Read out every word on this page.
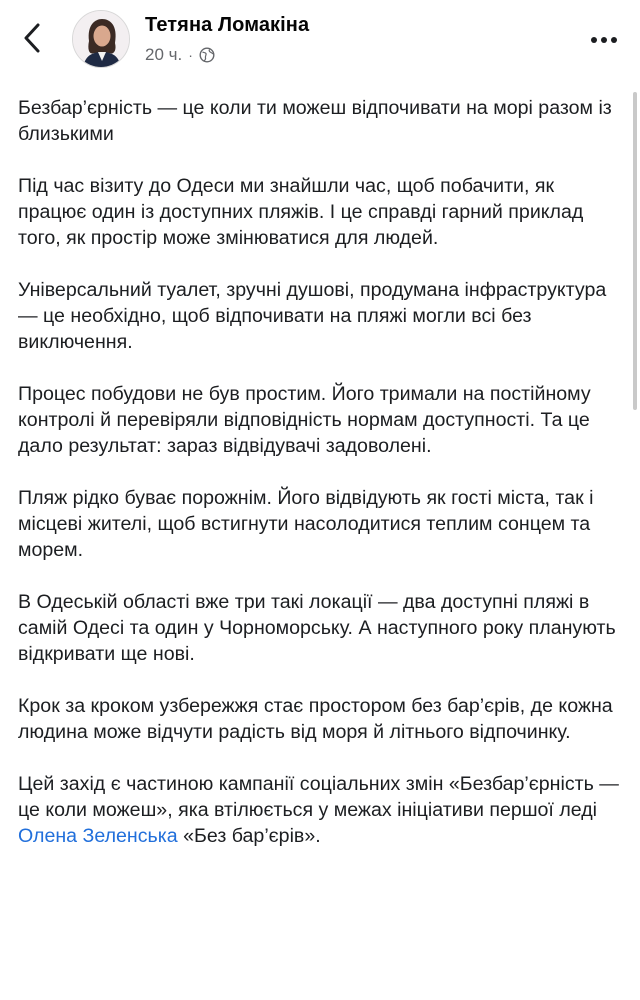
Тетяна Ломакіна
20 ч. ·

Безбар’єрність — це коли ти можеш відпочивати на морі разом із близькими

Під час візиту до Одеси ми знайшли час, щоб побачити, як працює один із доступних пляжів. І це справді гарний приклад того, як простір може змінюватися для людей.

Універсальний туалет, зручні душові, продумана інфраструктура — це необхідно, щоб відпочивати на пляжі могли всі без виключення.

Процес побудови не був простим. Його тримали на постійному контролі й перевіряли відповідність нормам доступності. Та це дало результат: зараз відвідувачі задоволені.

Пляж рідко буває порожнім. Його відвідують як гості міста, так і місцеві жителі, щоб встигнути насолодитися теплим сонцем та морем.

В Одеській області вже три такі локації — два доступні пляжі в самій Одесі та один у Чорноморську. А наступного року планують відкривати ще нові.

Крок за кроком узбережжя стає простором без бар’єрів, де кожна людина може відчути радість від моря й літнього відпочинку.

Цей захід є частиною кампанії соціальних змін «Безбар’єрність — це коли можеш», яка втілюється у межах ініціативи першої леді Олена Зеленська «Без бар’єрів».
